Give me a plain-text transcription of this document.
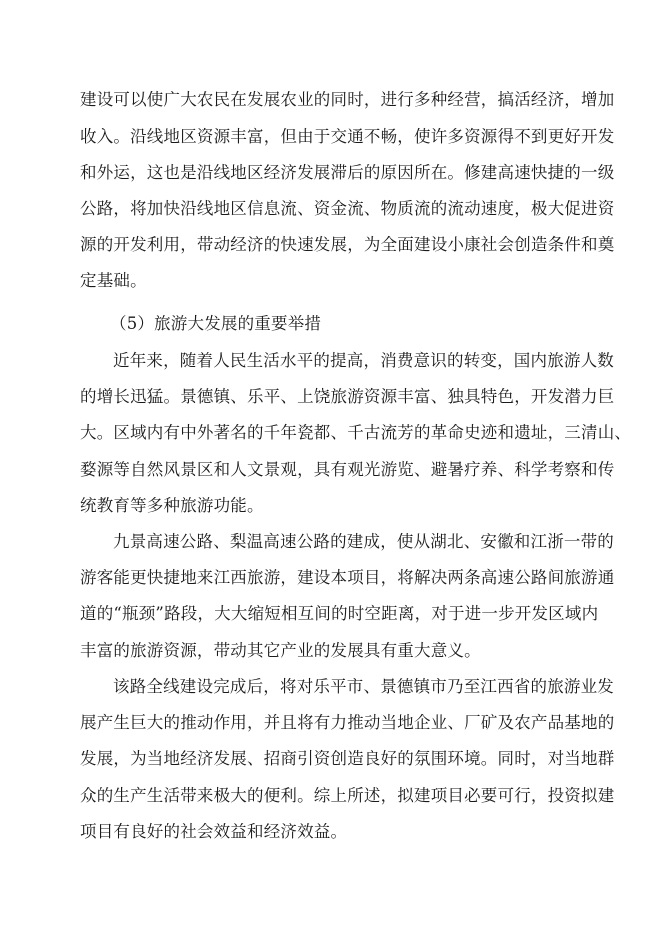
建设可以使广大农民在发展农业的同时，进行多种经营，搞活经济，增加
收入。沿线地区资源丰富，但由于交通不畅，使许多资源得不到更好开发
和外运，这也是沿线地区经济发展滞后的原因所在。修建高速快捷的一级
公路，将加快沿线地区信息流、资金流、物质流的流动速度，极大促进资
源的开发利用，带动经济的快速发展，为全面建设小康社会创造条件和奠
定基础。
（5）旅游大发展的重要举措
近年来，随着人民生活水平的提高，消费意识的转变，国内旅游人数
的增长迅猛。景德镇、乐平、上饶旅游资源丰富、独具特色，开发潜力巨
大。区域内有中外著名的千年瓷都、千古流芳的革命史迹和遗址，三清山、
婺源等自然风景区和人文景观，具有观光游览、避暑疗养、科学考察和传
统教育等多种旅游功能。
九景高速公路、梨温高速公路的建成，使从湖北、安徽和江浙一带的
游客能更快捷地来江西旅游，建设本项目，将解决两条高速公路间旅游通
道的“瓶颈”路段，大大缩短相互间的时空距离，对于进一步开发区域内
丰富的旅游资源，带动其它产业的发展具有重大意义。
该路全线建设完成后，将对乐平市、景德镇市乃至江西省的旅游业发
展产生巨大的推动作用，并且将有力推动当地企业、厂矿及农产品基地的
发展，为当地经济发展、招商引资创造良好的氛围环境。同时，对当地群
众的生产生活带来极大的便利。综上所述，拟建项目必要可行，投资拟建
项目有良好的社会效益和经济效益。
